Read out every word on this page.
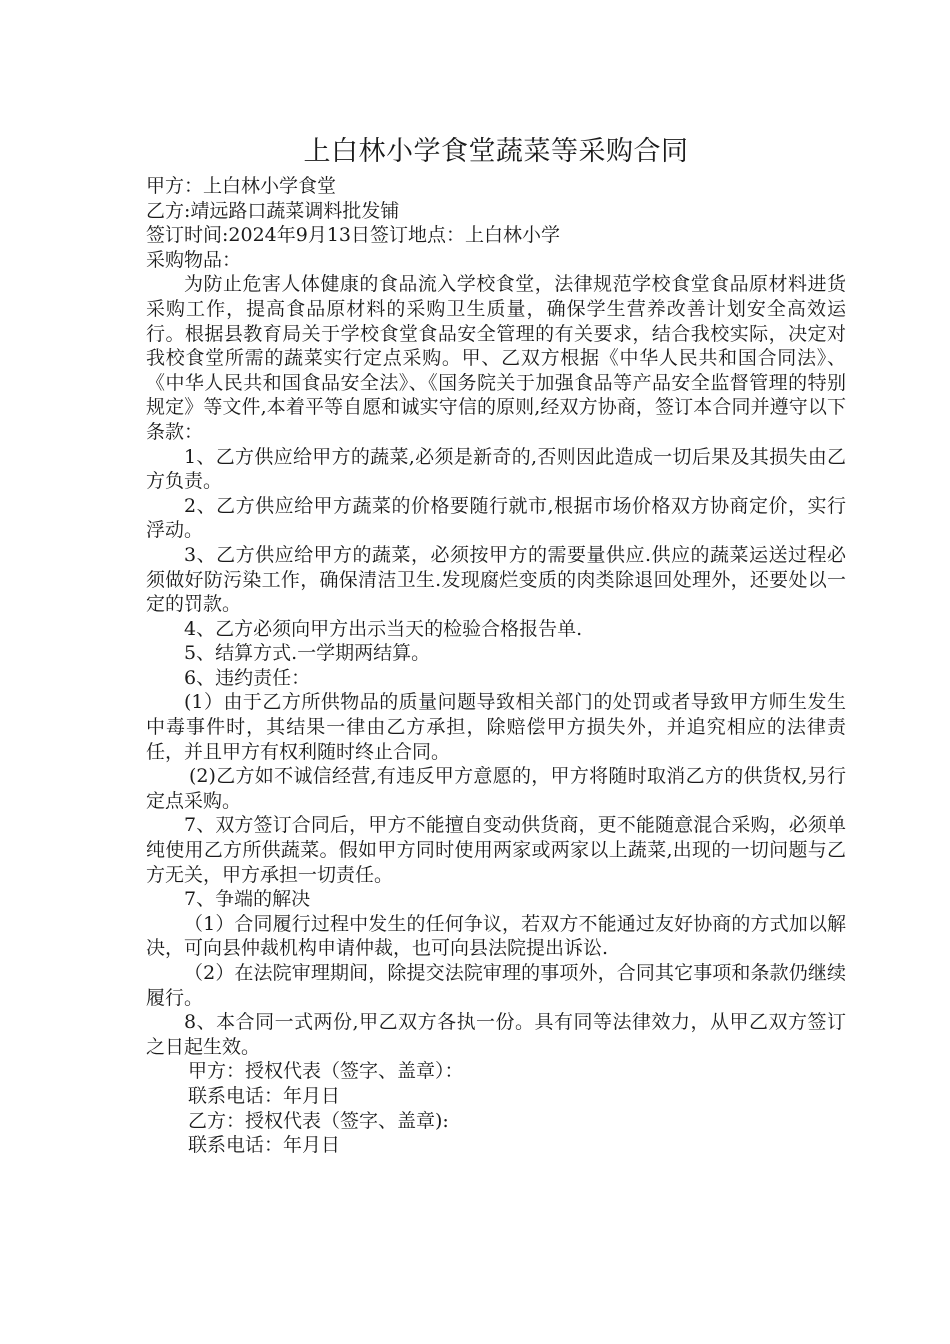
上白林小学食堂蔬菜等采购合同

甲方：上白林小学食堂

乙方:靖远路口蔬菜调料批发铺

签订时间:2024年9月13日签订地点：上白林小学

采购物品：

为防止危害人体健康的食品流入学校食堂，法律规范学校食堂食品原材料进货采购工作，提高食品原材料的采购卫生质量，确保学生营养改善计划安全高效运行。根据县教育局关于学校食堂食品安全管理的有关要求，结合我校实际，决定对我校食堂所需的蔬菜实行定点采购。甲、乙双方根据《中华人民共和国合同法》、《中华人民共和国食品安全法》、《国务院关于加强食品等产品安全监督管理的特别规定》等文件,本着平等自愿和诚实守信的原则,经双方协商，签订本合同并遵守以下条款：

1、乙方供应给甲方的蔬菜,必须是新奇的,否则因此造成一切后果及其损失由乙方负责。

2、乙方供应给甲方蔬菜的价格要随行就市,根据市场价格双方协商定价，实行浮动。

3、乙方供应给甲方的蔬菜，必须按甲方的需要量供应.供应的蔬菜运送过程必须做好防污染工作，确保清洁卫生.发现腐烂变质的肉类除退回处理外，还要处以一定的罚款。

4、乙方必须向甲方出示当天的检验合格报告单.

5、结算方式.一学期两结算。

6、违约责任：

(1）由于乙方所供物品的质量问题导致相关部门的处罚或者导致甲方师生发生中毒事件时，其结果一律由乙方承担，除赔偿甲方损失外，并追究相应的法律责任，并且甲方有权利随时终止合同。

(2)乙方如不诚信经营,有违反甲方意愿的，甲方将随时取消乙方的供货权,另行定点采购。

7、双方签订合同后，甲方不能擅自变动供货商，更不能随意混合采购，必须单纯使用乙方所供蔬菜。假如甲方同时使用两家或两家以上蔬菜,出现的一切问题与乙方无关，甲方承担一切责任。

7、争端的解决

（1）合同履行过程中发生的任何争议，若双方不能通过友好协商的方式加以解决，可向县仲裁机构申请仲裁，也可向县法院提出诉讼.

（2）在法院审理期间，除提交法院审理的事项外，合同其它事项和条款仍继续履行。

8、本合同一式两份,甲乙双方各执一份。具有同等法律效力，从甲乙双方签订之日起生效。

甲方：授权代表（签字、盖章）：

联系电话：年月日

乙方：授权代表（签字、盖章):

联系电话：年月日
